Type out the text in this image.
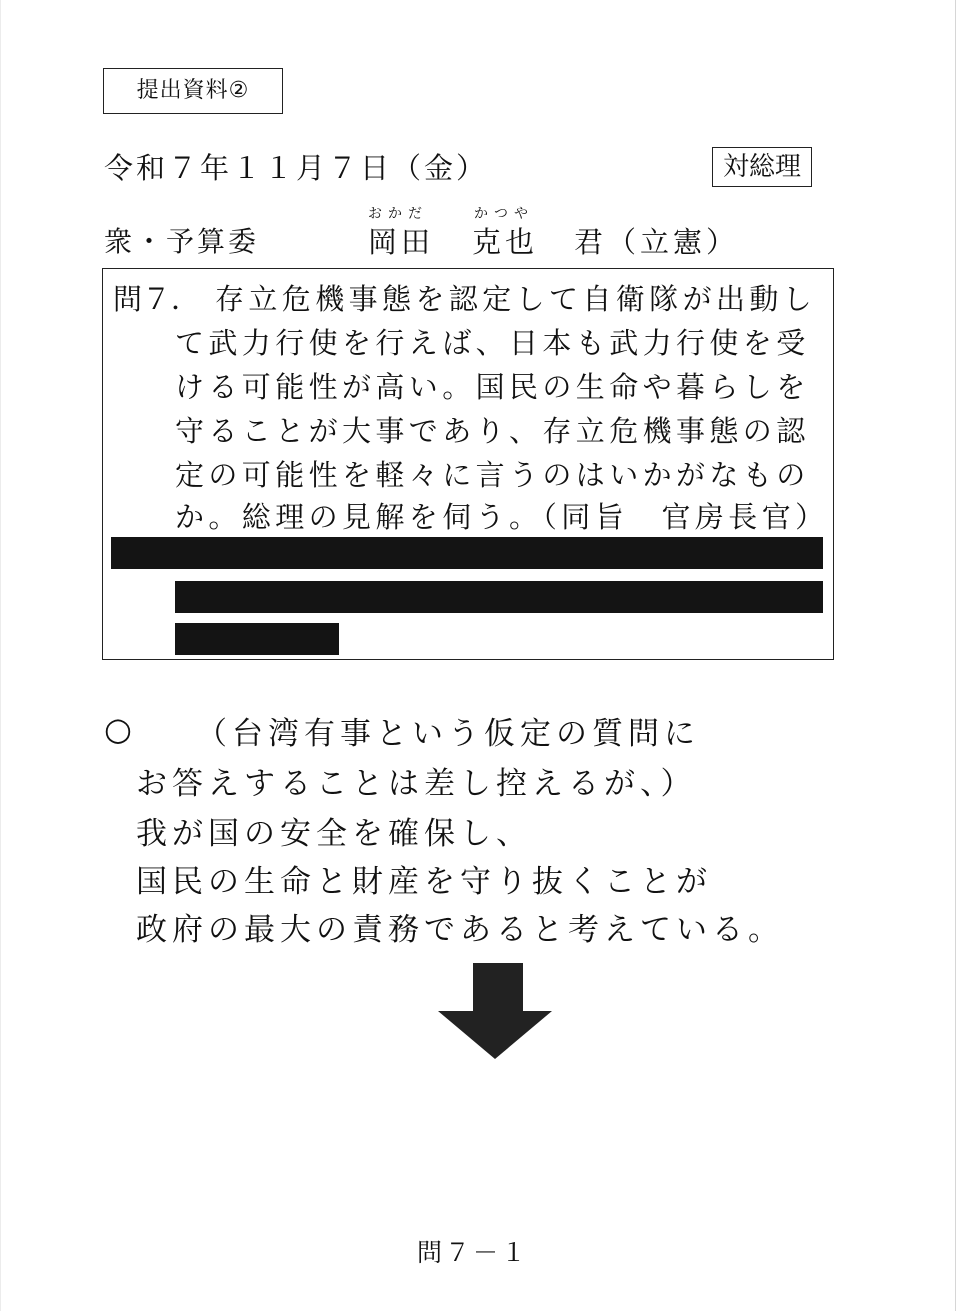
提出資料②
令和７年１１月７日（金）	対総理
衆・予算委
おかだ	かつや
岡田 克也 君（立憲）
問７． 存立危機事態を認定して自衛隊が出動し
て武力行使を行えば、日本も武力行使を受
ける可能性が高い。国民の生命や暮らしを
守ることが大事であり、存立危機事態の認
定の可能性を軽々に言うのはいかがなもの
か。総理の見解を伺う。（同旨　官房長官）
○ （台湾有事という仮定の質問に
お答えすることは差し控えるが、）
我が国の安全を確保し、
国民の生命と財産を守り抜くことが
政府の最大の責務であると考えている。
問７－１
